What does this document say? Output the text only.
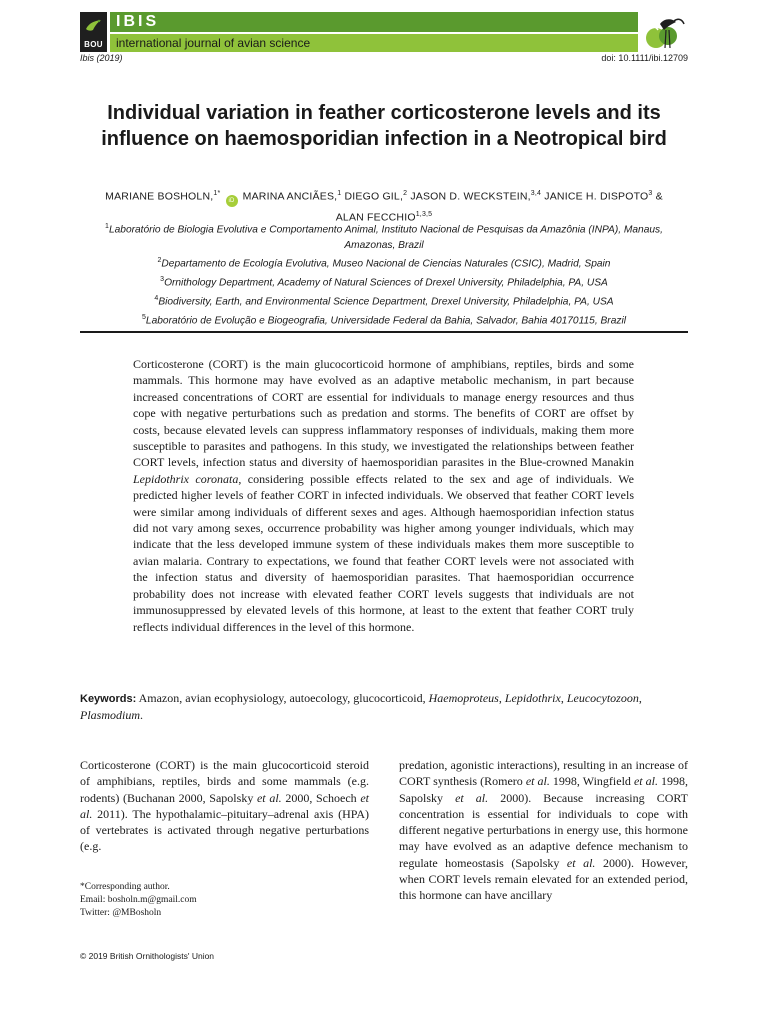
BOU
IBIS
international journal of avian science
Ibis (2019)	doi: 10.1111/ibi.12709
Individual variation in feather corticosterone levels and its influence on haemosporidian infection in a Neotropical bird
MARIANE BOSHOLN,$^{1*}$ iD MARINA ANCIÃES,$^1$ DIEGO GIL,$^2$ JASON D. WECKSTEIN,$^{3,4}$ JANICE H. DISPOTO$^3$ &
ALAN FECCHIO$^{1,3,5}$
$^1$Laboratório de Biologia Evolutiva e Comportamento Animal, Instituto Nacional de Pesquisas da Amazônia (INPA), Manaus, Amazonas, Brazil
$^2$Departamento de Ecología Evolutiva, Museo Nacional de Ciencias Naturales (CSIC), Madrid, Spain
$^3$Ornithology Department, Academy of Natural Sciences of Drexel University, Philadelphia, PA, USA
$^4$Biodiversity, Earth, and Environmental Science Department, Drexel University, Philadelphia, PA, USA
$^5$Laboratório de Evolução e Biogeografia, Universidade Federal da Bahia, Salvador, Bahia 40170115, Brazil

Corticosterone (CORT) is the main glucocorticoid hormone of amphibians, reptiles, birds and some mammals. This hormone may have evolved as an adaptive metabolic mechanism, in part because increased concentrations of CORT are essential for individuals to manage energy resources and thus cope with negative perturbations such as predation and storms. The benefits of CORT are offset by costs, because elevated levels can suppress inflammatory responses of individuals, making them more susceptible to parasites and pathogens. In this study, we investigated the relationships between feather CORT levels, infection status and diversity of haemosporidian parasites in the Blue-crowned Manakin Lepidothrix coronata, considering possible effects related to the sex and age of individuals. We predicted higher levels of feather CORT in infected individuals. We observed that feather CORT levels were similar among individuals of different sexes and ages. Although haemosporidian infection status did not vary among sexes, occurrence probability was higher among younger individuals, which may indicate that the less developed immune system of these individuals makes them more susceptible to avian malaria. Contrary to expectations, we found that feather CORT levels were not associated with the infection status and diversity of haemosporidian parasites. That haemosporidian occurrence probability does not increase with elevated feather CORT levels suggests that individuals are not immunosuppressed by elevated levels of this hormone, at least to the extent that feather CORT truly reflects individual differences in the level of this hormone.

Keywords: Amazon, avian ecophysiology, autoecology, glucocorticoid, Haemoproteus, Lepidothrix, Leucocytozoon, Plasmodium.

Corticosterone (CORT) is the main glucocorticoid steroid of amphibians, reptiles, birds and some mammals (e.g. rodents) (Buchanan 2000, Sapolsky et al. 2000, Schoech et al. 2011). The hypothalamic–pituitary–adrenal axis (HPA) of vertebrates is activated through negative perturbations (e.g.

predation, agonistic interactions), resulting in an increase of CORT synthesis (Romero et al. 1998, Wingfield et al. 1998, Sapolsky et al. 2000). Because increasing CORT concentration is essential for individuals to cope with different negative perturbations in energy use, this hormone may have evolved as an adaptive defence mechanism to regulate homeostasis (Sapolsky et al. 2000). However, when CORT levels remain elevated for an extended period, this hormone can have ancillary

*Corresponding author.
Email: bosholn.m@gmail.com
Twitter: @MBosholn
© 2019 British Ornithologists' Union
